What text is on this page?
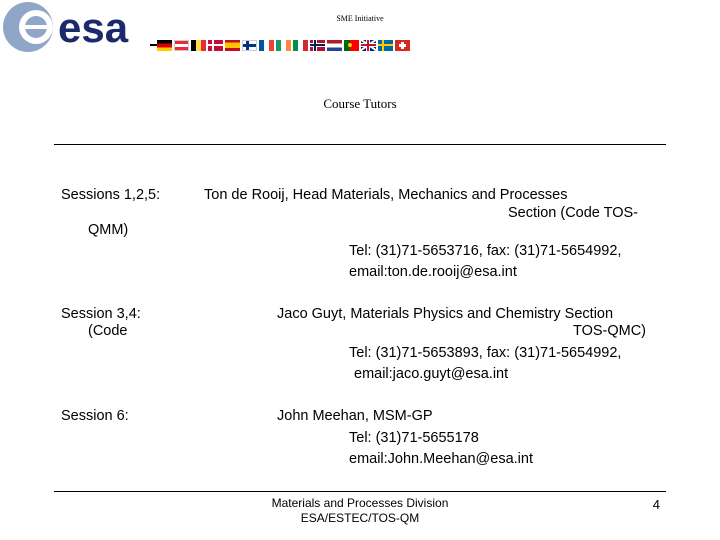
esa	SME Initiative
Course Tutors
Sessions 1,2,5:
QMM)
Ton de Rooij, Head Materials, Mechanics and Processes
Section (Code TOS-
Tel: (31)71-5653716, fax: (31)71-5654992,
email:ton.de.rooij@esa.int
Session 3,4:
(Code
Jaco Guyt, Materials Physics and Chemistry Section
TOS-QMC)
Tel: (31)71-5653893, fax: (31)71-5654992,
email:jaco.guyt@esa.int
Session 6:	John Meehan, MSM-GP
Tel: (31)71-5655178
email:John.Meehan@esa.int
Materials and Processes Division
ESA/ESTEC/TOS-QM
4
